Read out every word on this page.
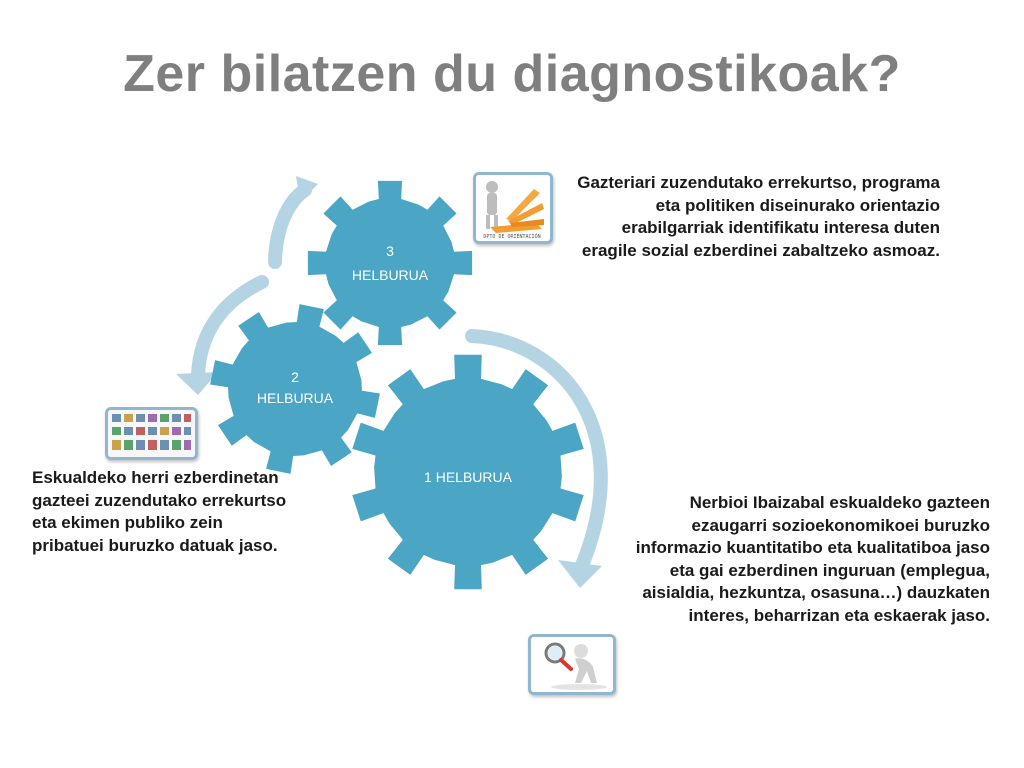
Zer bilatzen du diagnostikoak?
3
HELBURUA
2
HELBURUA
1 HELBURUA
DPTO DE ORIENTACIÓN

Gazteriari zuzendutako errekurtso, programa eta politiken diseinurako orientazio erabilgarriak identifikatu interesa duten eragile sozial ezberdinei zabaltzeko asmoaz.

Eskualdeko herri ezberdinetan gazteei zuzendutako errekurtso eta ekimen publiko zein pribatuei buruzko datuak jaso.

Nerbioi Ibaizabal eskualdeko gazteen ezaugarri sozioekonomikoei buruzko informazio kuantitatibo eta kualitatiboa jaso eta gai ezberdinen inguruan (emplegua, aisialdia, hezkuntza, osasuna…) dauzkaten interes, beharrizan eta eskaerak jaso.
